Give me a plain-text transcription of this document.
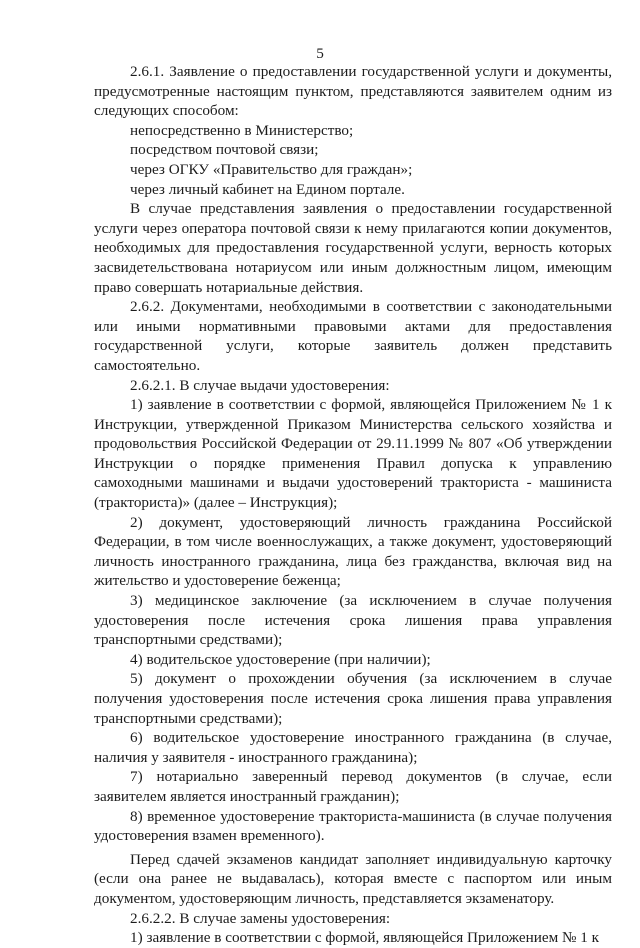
5

2.6.1. Заявление о предоставлении государственной услуги и документы, предусмотренные настоящим пунктом, представляются заявителем одним из следующих способом:

непосредственно в Министерство;

посредством почтовой связи;

через ОГКУ «Правительство для граждан»;

через личный кабинет на Едином портале.

В случае представления заявления о предоставлении государственной услуги через оператора почтовой связи к нему прилагаются копии документов, необходимых для предоставления государственной услуги, верность которых засвидетельствована нотариусом или иным должностным лицом, имеющим право совершать нотариальные действия.

2.6.2. Документами, необходимыми в соответствии с законодательными или иными нормативными правовыми актами для предоставления государственной услуги, которые заявитель должен представить самостоятельно.

2.6.2.1. В случае выдачи удостоверения:

1) заявление в соответствии с формой, являющейся Приложением № 1 к Инструкции, утвержденной Приказом Министерства сельского хозяйства и продовольствия Российской Федерации от 29.11.1999 № 807 «Об утверждении Инструкции о порядке применения Правил допуска к управлению самоходными машинами и выдачи удостоверений тракториста - машиниста (тракториста)» (далее – Инструкция);

2) документ, удостоверяющий личность гражданина Российской Федерации, в том числе военнослужащих, а также документ, удостоверяющий личность иностранного гражданина, лица без гражданства, включая вид на жительство и удостоверение беженца;

3) медицинское заключение (за исключением в случае получения удостоверения после истечения срока лишения права управления транспортными средствами);

4) водительское удостоверение (при наличии);

5) документ о прохождении обучения (за исключением в случае получения удостоверения после истечения срока лишения права управления транспортными средствами);

6) водительское удостоверение иностранного гражданина (в случае, наличия у заявителя - иностранного гражданина);

7) нотариально заверенный перевод документов (в случае, если заявителем является иностранный гражданин);

8) временное удостоверение тракториста-машиниста (в случае получения удостоверения взамен временного).

Перед сдачей экзаменов кандидат заполняет индивидуальную карточку (если она ранее не выдавалась), которая вместе с паспортом или иным документом, удостоверяющим личность, представляется экзаменатору.

2.6.2.2. В случае замены удостоверения:

1) заявление в соответствии с формой, являющейся Приложением № 1 к
